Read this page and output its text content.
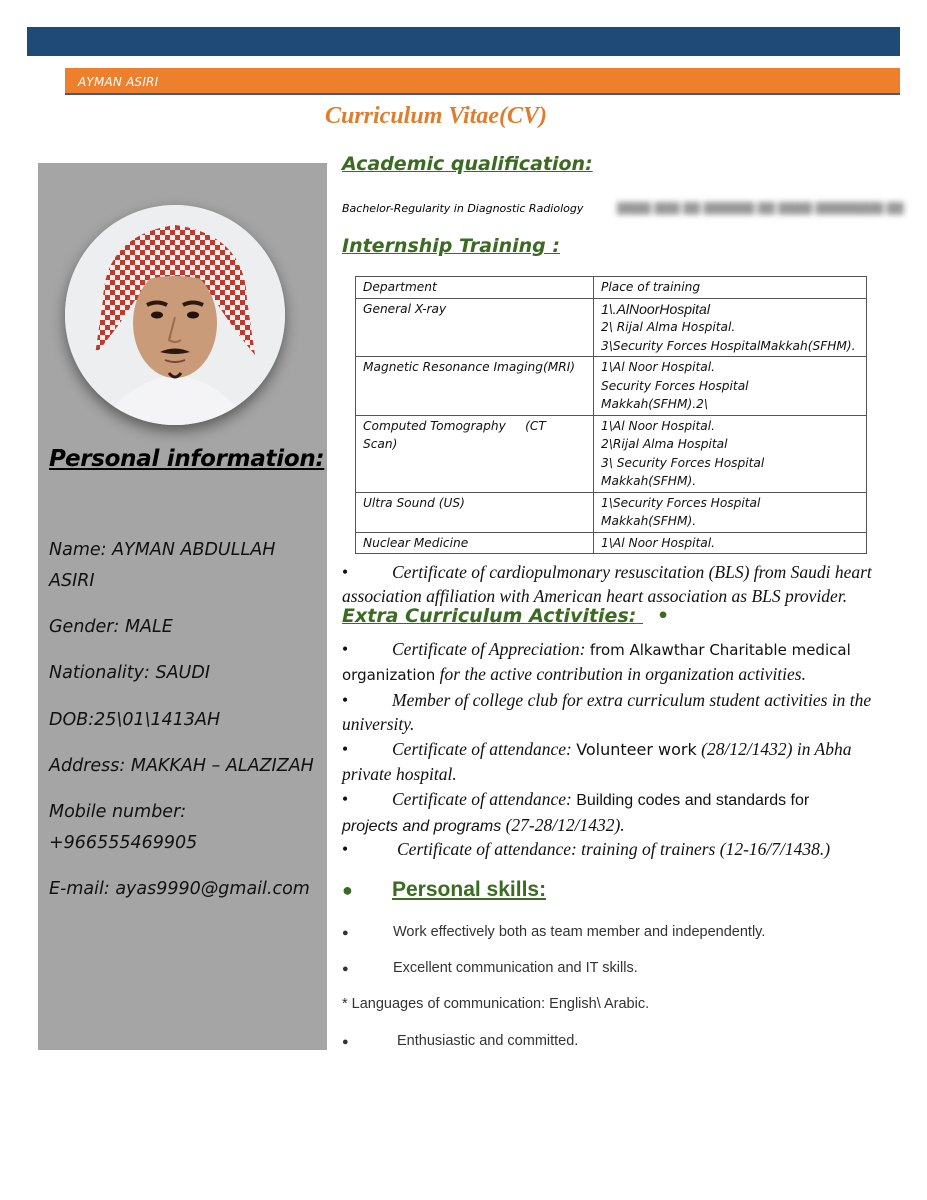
AYMAN ASIRI
Curriculum Vitae(CV)
Personal information:
Name: AYMAN ABDULLAH
ASIRI
Gender: MALE
Nationality: SAUDI
DOB:25\01\1413AH
Address: MAKKAH – ALAZIZAH
Mobile number:
+966555469905
E-mail: ayas9990@gmail.com
Academic qualification:
Bachelor-Regularity in Diagnostic Radiology	████ ███ ██ ██████ ██ ████ ████████ ██
Internship Training :
Department	Place of training
General X-ray	1\.AlNoorHospital
2\ Rijal Alma Hospital.
3\Security Forces HospitalMakkah(SFHM).

Magnetic Resonance Imaging(MRI)	1\Al Noor Hospital.
Security Forces Hospital
Makkah(SFHM).2\

Computed Tomography     (CT
Scan)	1\Al Noor Hospital.
2\Rijal Alma Hospital
3\ Security Forces Hospital
Makkah(SFHM).

Ultra Sound (US)	1\Security Forces Hospital
Makkah(SFHM).

Nuclear Medicine	1\Al Noor Hospital.
•	Certificate of cardiopulmonary resuscitation (BLS) from Saudi heart
association affiliation with American heart association as BLS provider.
Extra Curriculum Activities: •
•	Certificate of Appreciation: from Alkawthar Charitable medical
organization for the active contribution in organization activities.
•	Member of college club for extra curriculum student activities in the
university.
•	Certificate of attendance: Volunteer work (28/12/1432) in Abha
private hospital.
•	Certificate of attendance: Building codes and standards for
projects and programs (27-28/12/1432).
•	Certificate of attendance: training of trainers (12-16/7/1438.)
● Personal skills:
●	Work effectively both as team member and independently.
●	Excellent communication and IT skills.
* Languages of communication: English\ Arabic.
●	Enthusiastic and committed.
